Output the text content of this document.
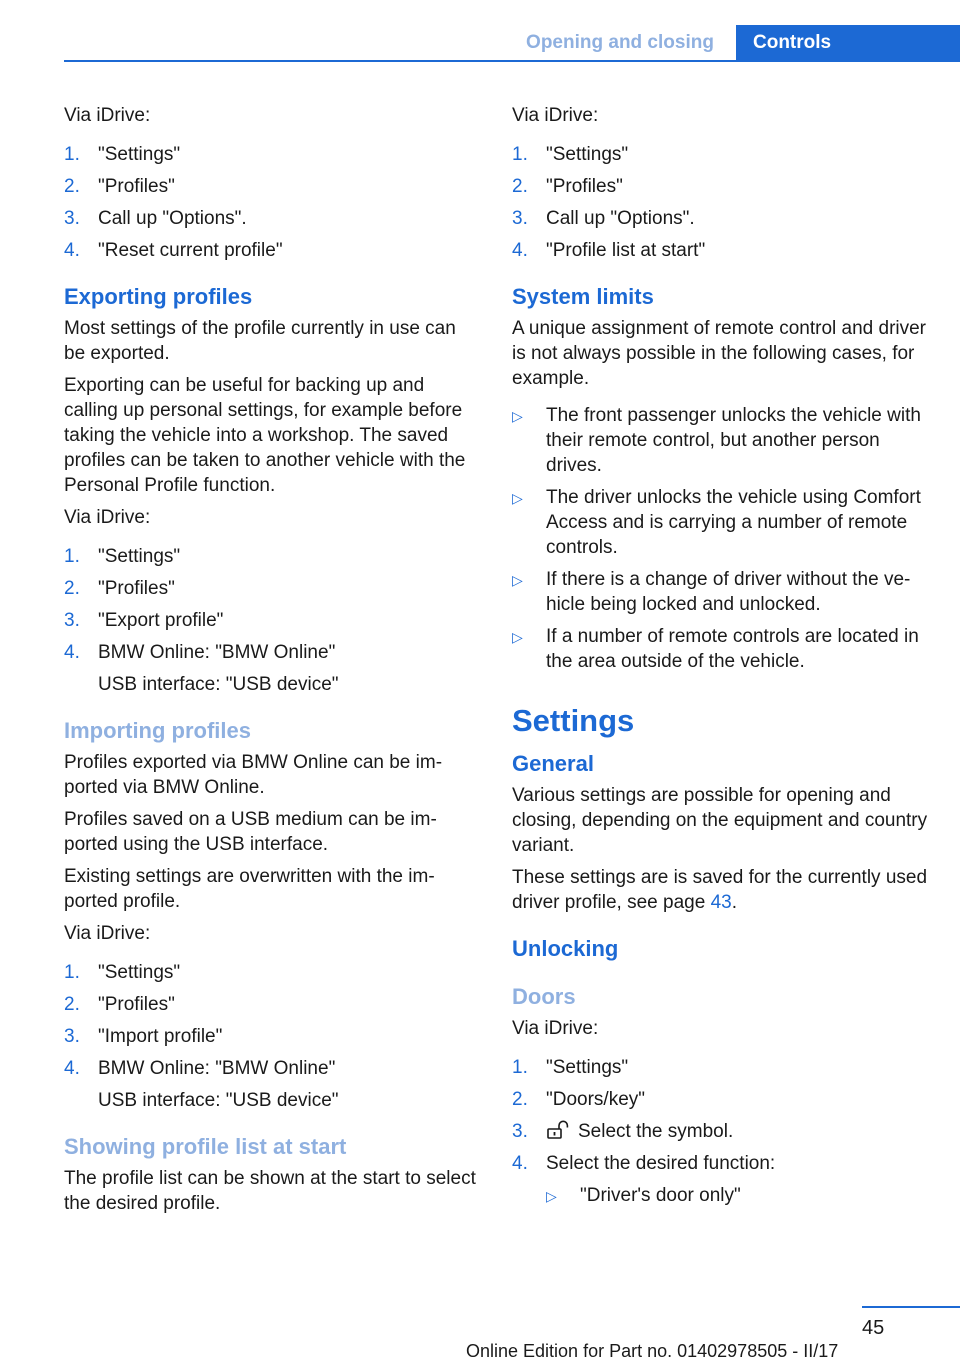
Opening and closing	Controls

Via iDrive:

1. "Settings"
2. "Profiles"
3. Call up "Options".
4. "Reset current profile"
Exporting profiles

Most settings of the profile currently in use can be exported.

Exporting can be useful for backing up and calling up personal settings, for example before taking the vehicle into a workshop. The saved profiles can be taken to another vehicle with the Personal Profile function.

Via iDrive:

1. "Settings"
2. "Profiles"
3. "Export profile"
4. BMW Online: "BMW Online"
USB interface: "USB device"
Importing profiles

Profiles exported via BMW Online can be imported via BMW Online.

Profiles saved on a USB medium can be imported using the USB interface.

Existing settings are overwritten with the imported profile.

Via iDrive:

1. "Settings"
2. "Profiles"
3. "Import profile"
4. BMW Online: "BMW Online"
USB interface: "USB device"
Showing profile list at start

The profile list can be shown at the start to select the desired profile.

Via iDrive:

1. "Settings"
2. "Profiles"
3. Call up "Options".
4. "Profile list at start"
System limits

A unique assignment of remote control and driver is not always possible in the following cases, for example.

▷ The front passenger unlocks the vehicle with their remote control, but another person drives.
▷ The driver unlocks the vehicle using Comfort Access and is carrying a number of remote controls.
▷ If there is a change of driver without the vehicle being locked and unlocked.
▷ If a number of remote controls are located in the area outside of the vehicle.
Settings
General

Various settings are possible for opening and closing, depending on the equipment and country variant.

These settings are is saved for the currently used driver profile, see page 43.

Unlocking
Doors

Via iDrive:

1. "Settings"
2. "Doors/key"
3.	Select the symbol.
4. Select the desired function:
▷ "Driver's door only"
45
Online Edition for Part no. 01402978505 - II/17
